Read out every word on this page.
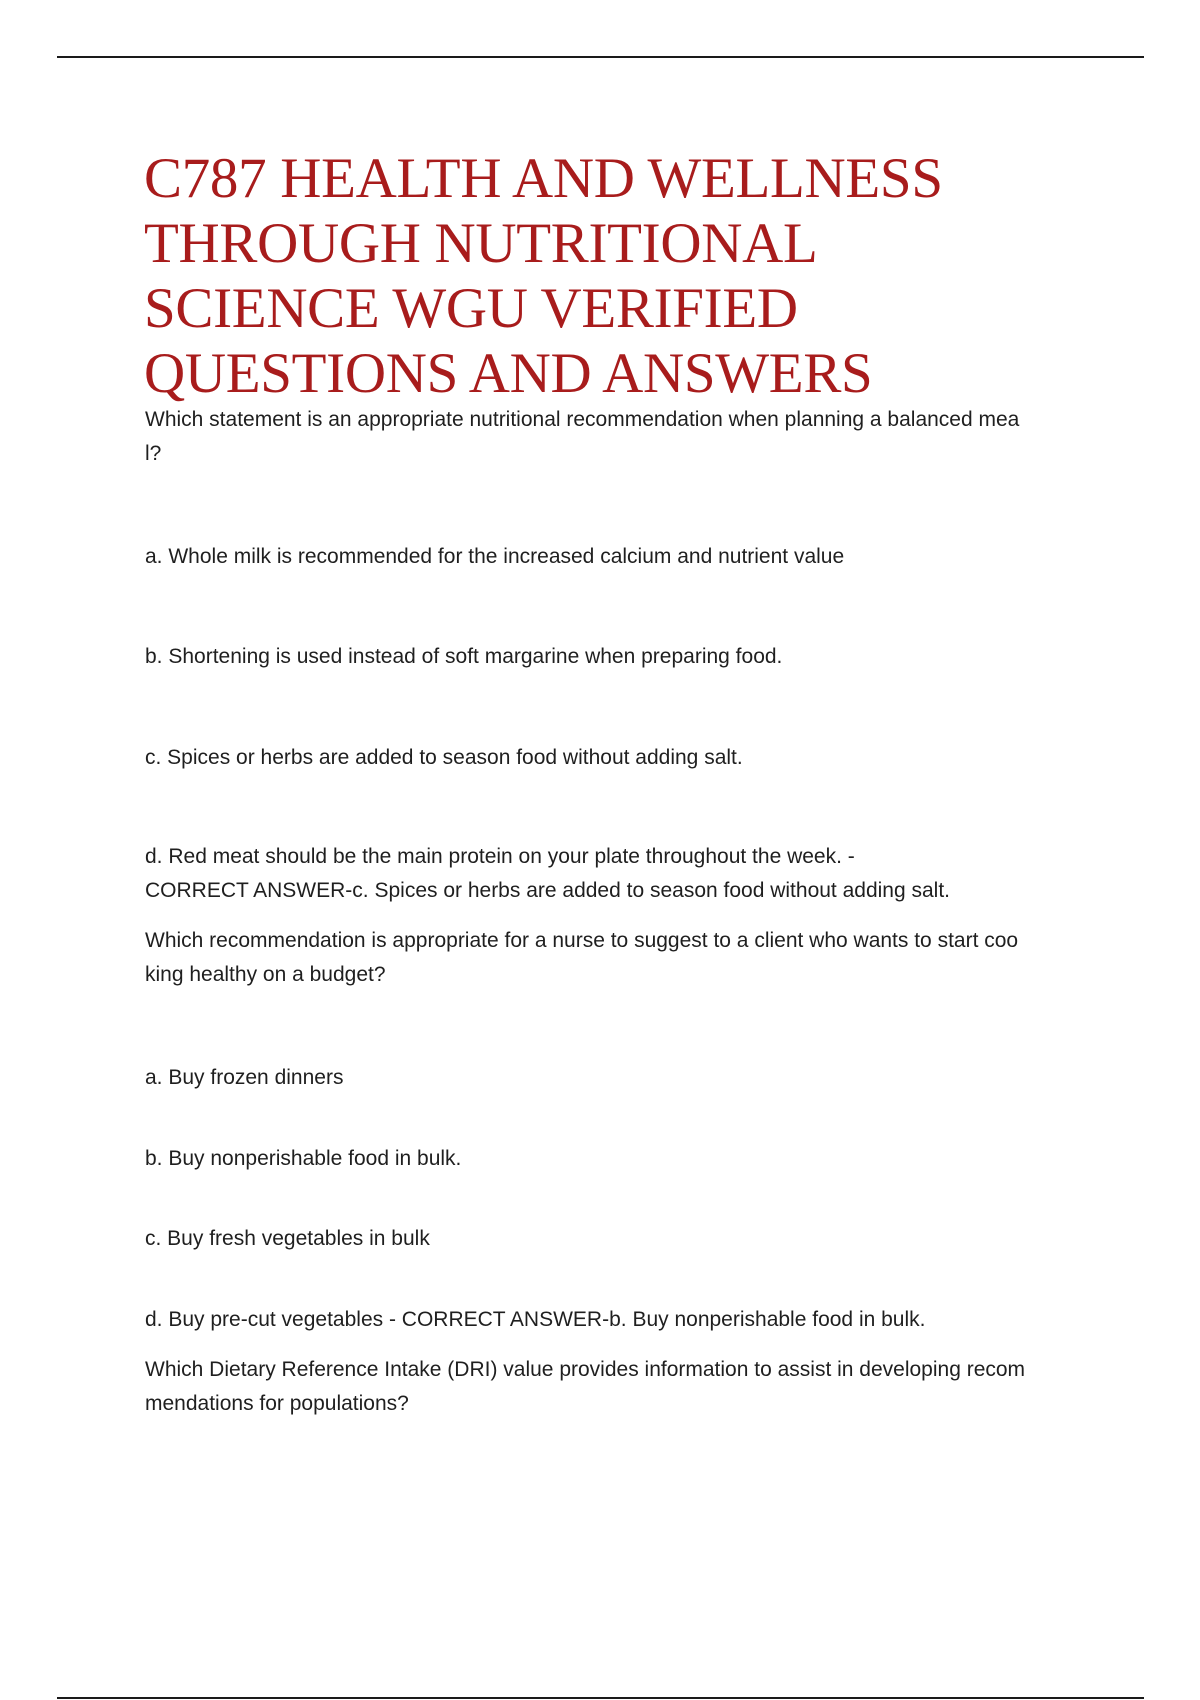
C787 HEALTH AND WELLNESS
THROUGH NUTRITIONAL
SCIENCE WGU VERIFIED
QUESTIONS AND ANSWERS

Which statement is an appropriate nutritional recommendation when planning a balanced mea
l?

a. Whole milk is recommended for the increased calcium and nutrient value

b. Shortening is used instead of soft margarine when preparing food.

c. Spices or herbs are added to season food without adding salt.

d. Red meat should be the main protein on your plate throughout the week. -
CORRECT ANSWER-c. Spices or herbs are added to season food without adding salt.

Which recommendation is appropriate for a nurse to suggest to a client who wants to start coo
king healthy on a budget?

a. Buy frozen dinners

b. Buy nonperishable food in bulk.

c. Buy fresh vegetables in bulk

d. Buy pre-cut vegetables - CORRECT ANSWER-b. Buy nonperishable food in bulk.

Which Dietary Reference Intake (DRI) value provides information to assist in developing recom
mendations for populations?
